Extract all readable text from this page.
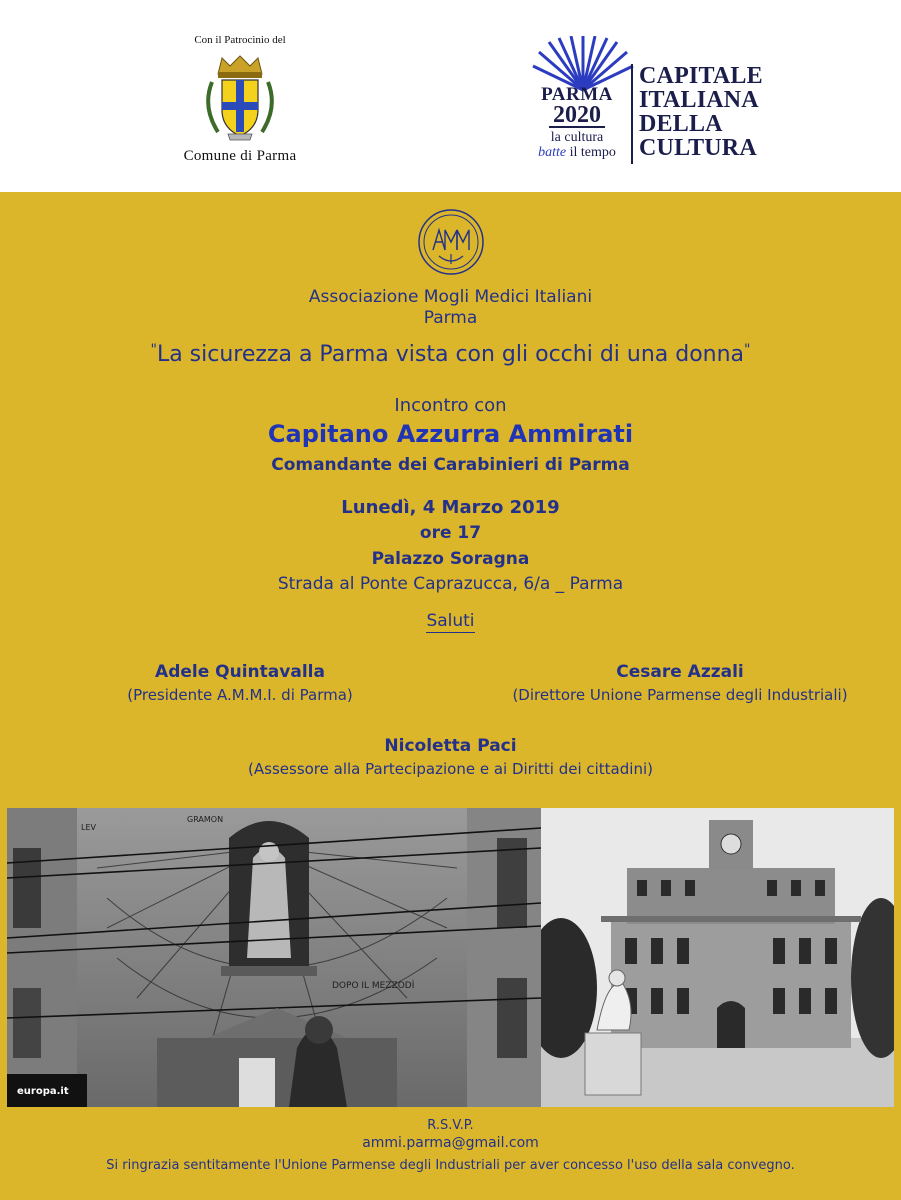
Con il Patrocinio del
Comune di Parma
PARMA
2020
la cultura
batte il tempo
CAPITALE
ITALIANA
DELLA
CULTURA
Associazione Mogli Medici Italiani
Parma
"La sicurezza a Parma vista con gli occhi di una donna"
Incontro con
Capitano Azzurra Ammirati
Comandante dei Carabinieri di Parma
Lunedì, 4 Marzo 2019
ore 17
Palazzo Soragna
Strada al Ponte Caprazucca, 6/a _ Parma
Saluti
Adele Quintavalla
(Presidente A.M.M.I. di Parma)
Cesare Azzali
(Direttore Unione Parmense degli Industriali)
Nicoletta Paci
(Assessore alla Partecipazione e ai Diritti dei cittadini)
DOPO IL MEZZODÌ
GRAMON
LEV
europa.it
R.S.V.P.
ammi.parma@gmail.com
Si ringrazia sentitamente l'Unione Parmense degli Industriali per aver concesso l'uso della sala convegno.
